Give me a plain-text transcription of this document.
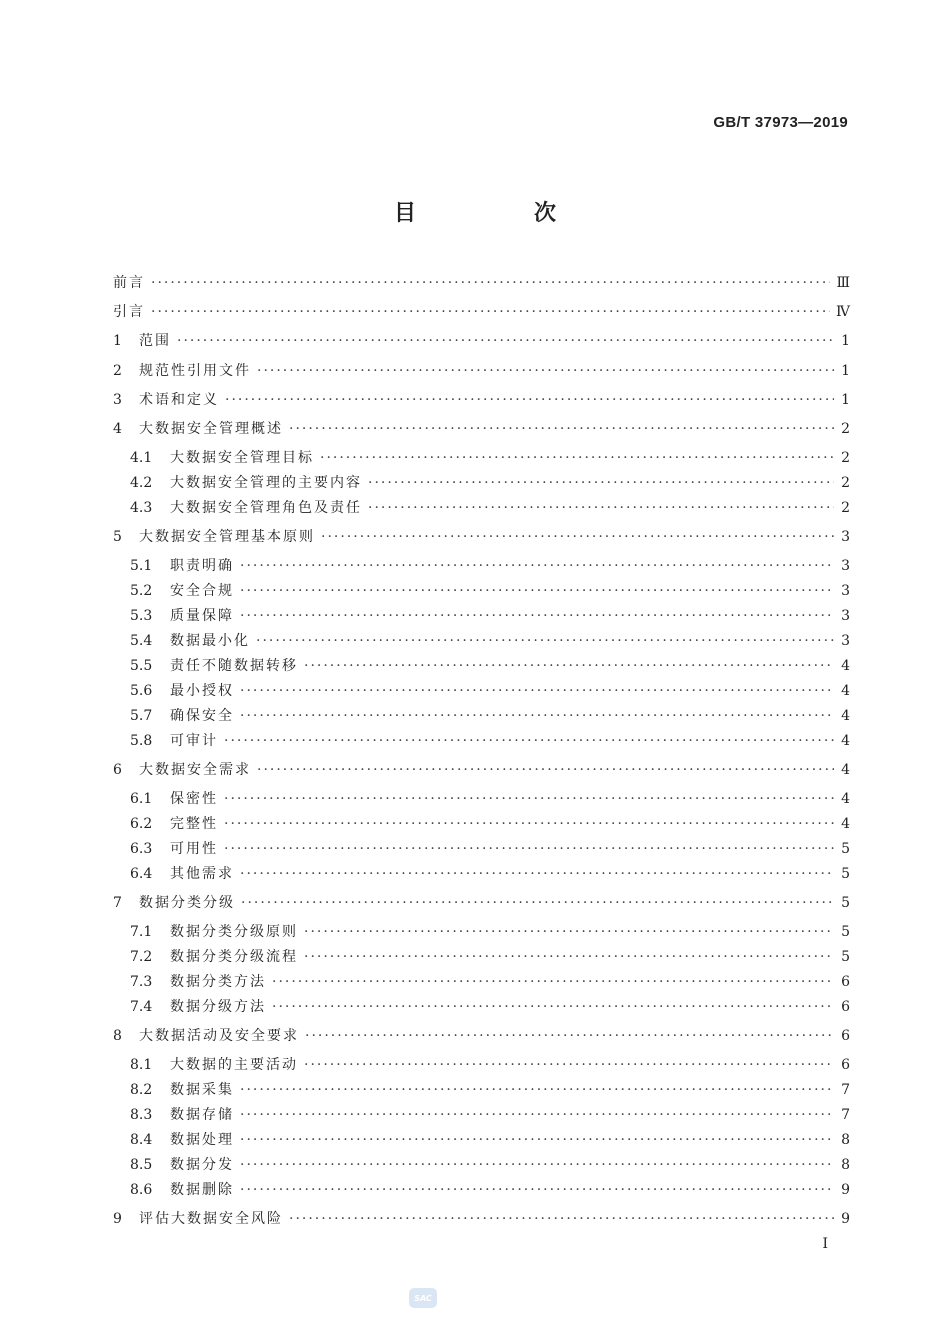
GB/T 37973—2019
目　次
前言 ·····	Ⅲ
引言 ·····	Ⅳ
1	范围 ·····	1
2	规范性引用文件 ·····	1
3	术语和定义 ·····	1
4	大数据安全管理概述 ·····	2
4.1	大数据安全管理目标 ·····	2
4.2	大数据安全管理的主要内容 ·····	2
4.3	大数据安全管理角色及责任 ·····	2
5	大数据安全管理基本原则 ·····	3
5.1	职责明确 ·····	3
5.2	安全合规 ·····	3
5.3	质量保障 ·····	3
5.4	数据最小化 ·····	3
5.5	责任不随数据转移 ·····	4
5.6	最小授权 ·····	4
5.7	确保安全 ·····	4
5.8	可审计 ·····	4
6	大数据安全需求 ·····	4
6.1	保密性 ·····	4
6.2	完整性 ·····	4
6.3	可用性 ·····	5
6.4	其他需求 ·····	5
7	数据分类分级 ·····	5
7.1	数据分类分级原则 ·····	5
7.2	数据分类分级流程 ·····	5
7.3	数据分类方法 ·····	6
7.4	数据分级方法 ·····	6
8	大数据活动及安全要求 ·····	6
8.1	大数据的主要活动 ·····	6
8.2	数据采集 ·····	7
8.3	数据存储 ·····	7
8.4	数据处理 ·····	8
8.5	数据分发 ·····	8
8.6	数据删除 ·····	9
9	评估大数据安全风险 ·····	9
Ⅰ
SAC
